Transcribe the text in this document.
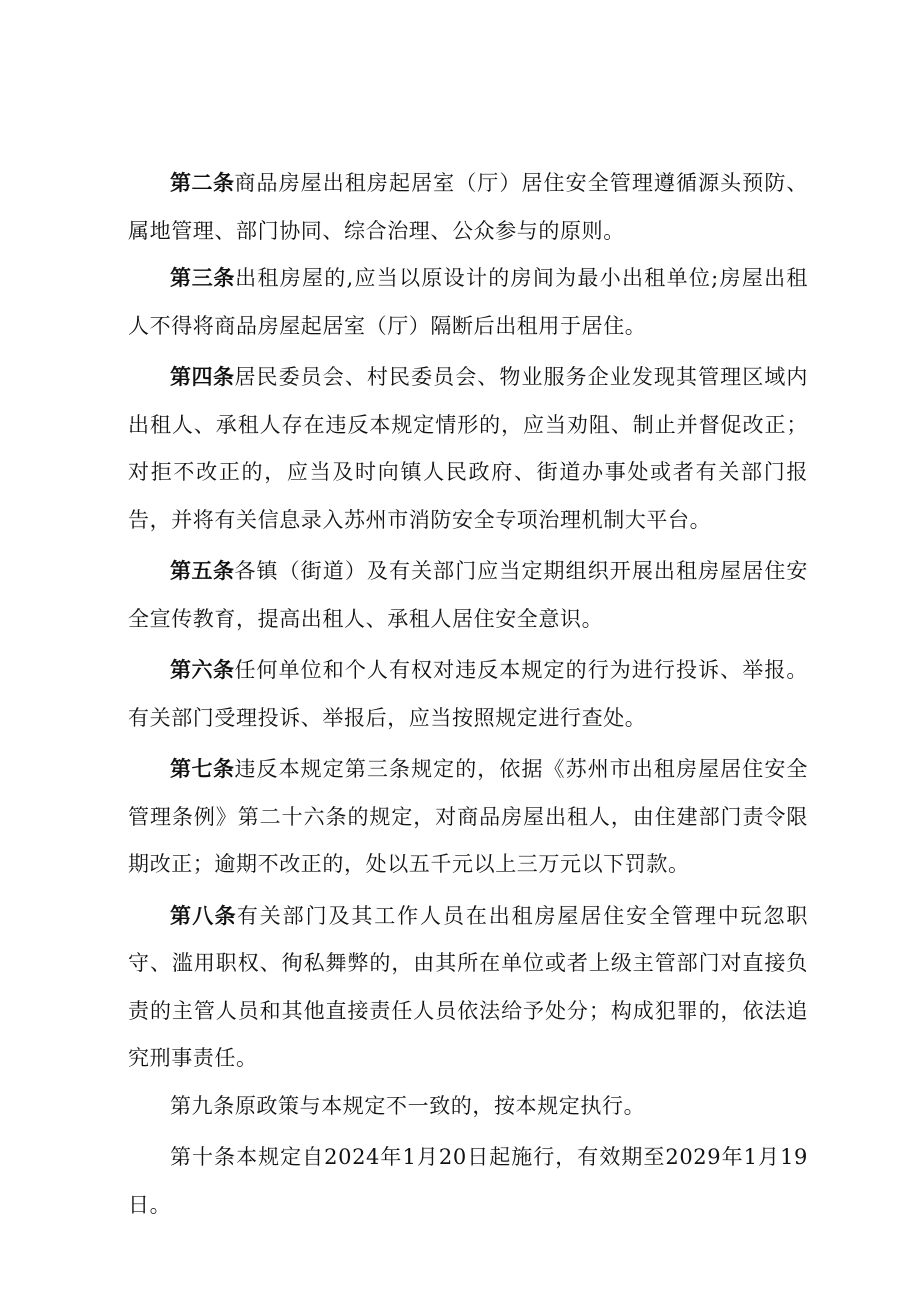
第二条商品房屋出租房起居室（厅）居住安全管理遵循源头预防、属地管理、部门协同、综合治理、公众参与的原则。

第三条出租房屋的,应当以原设计的房间为最小出租单位;房屋出租人不得将商品房屋起居室（厅）隔断后出租用于居住。

第四条居民委员会、村民委员会、物业服务企业发现其管理区域内出租人、承租人存在违反本规定情形的，应当劝阻、制止并督促改正；对拒不改正的，应当及时向镇人民政府、街道办事处或者有关部门报告，并将有关信息录入苏州市消防安全专项治理机制大平台。

第五条各镇（街道）及有关部门应当定期组织开展出租房屋居住安全宣传教育，提高出租人、承租人居住安全意识。

第六条任何单位和个人有权对违反本规定的行为进行投诉、举报。有关部门受理投诉、举报后，应当按照规定进行查处。

第七条违反本规定第三条规定的，依据《苏州市出租房屋居住安全管理条例》第二十六条的规定，对商品房屋出租人，由住建部门责令限期改正；逾期不改正的，处以五千元以上三万元以下罚款。

第八条有关部门及其工作人员在出租房屋居住安全管理中玩忽职守、滥用职权、徇私舞弊的，由其所在单位或者上级主管部门对直接负责的主管人员和其他直接责任人员依法给予处分；构成犯罪的，依法追究刑事责任。

第九条原政策与本规定不一致的，按本规定执行。

第十条本规定自2024年1月20日起施行，有效期至2029年1月19日。
